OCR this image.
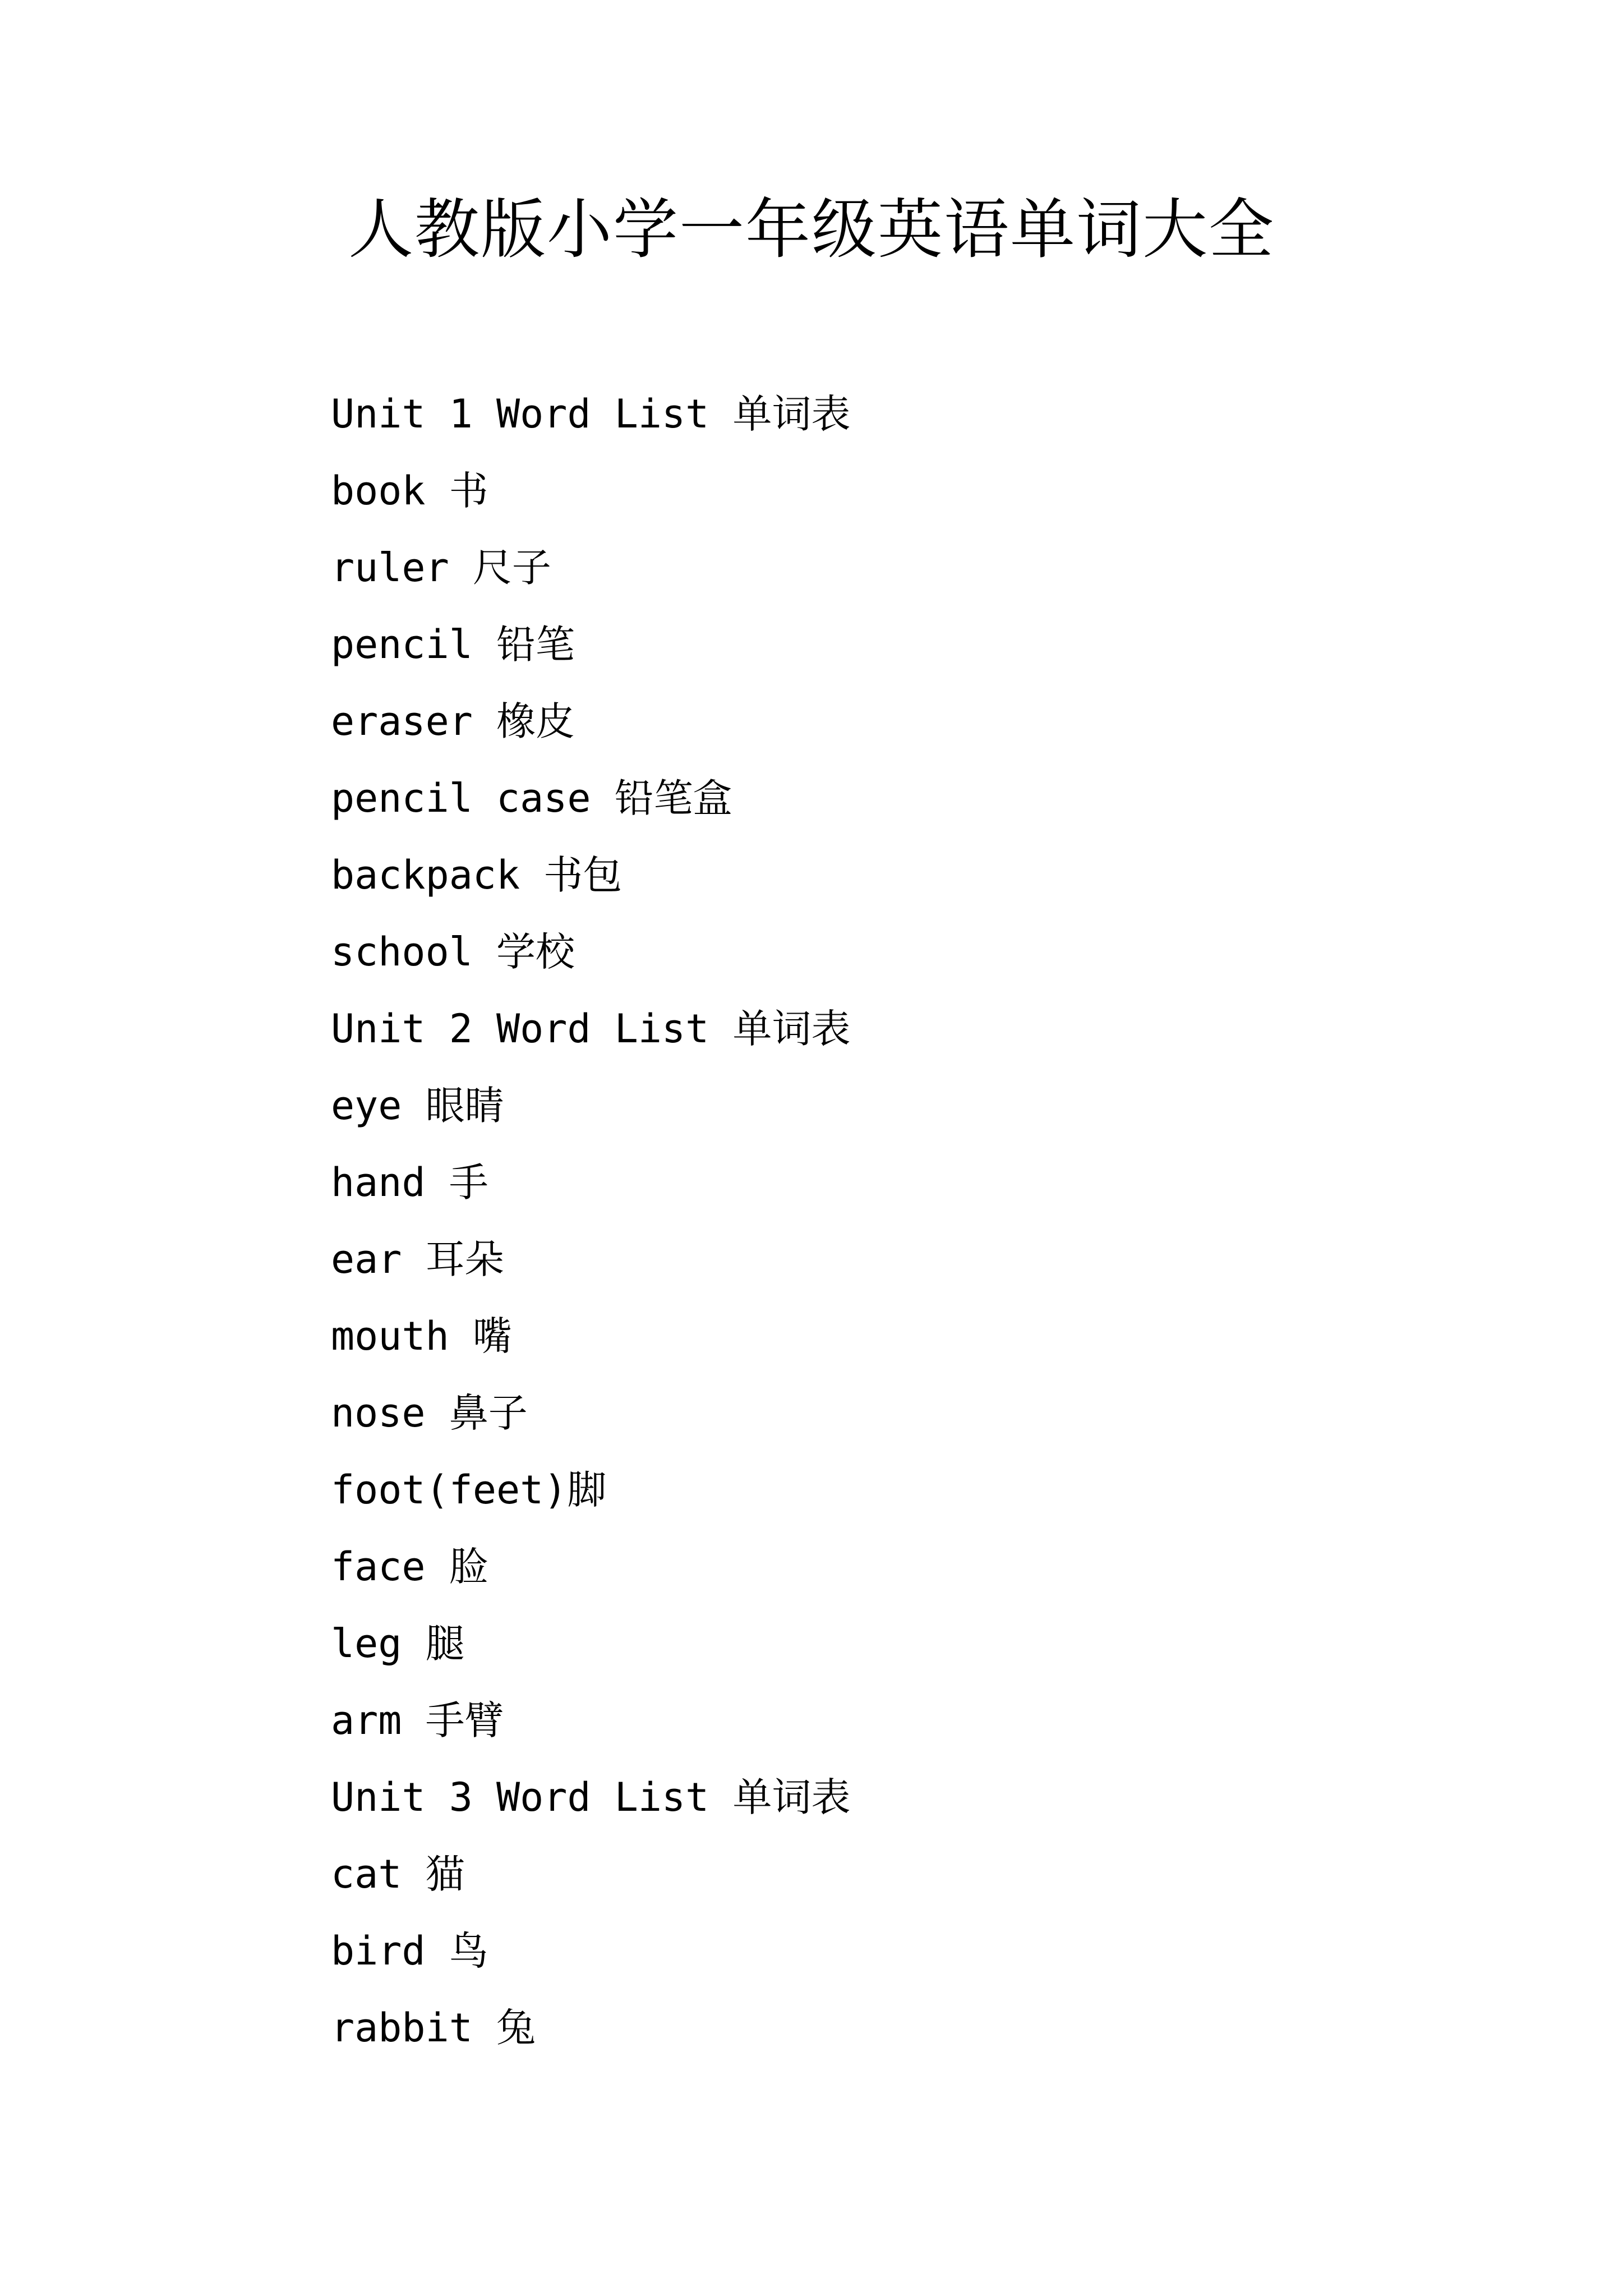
人教版小学一年级英语单词大全
Unit 1 Word List 单词表
book 书
ruler 尺子
pencil 铅笔
eraser 橡皮
pencil case 铅笔盒
backpack 书包
school 学校
Unit 2 Word List 单词表
eye 眼睛
hand 手
ear 耳朵
mouth 嘴
nose 鼻子
foot(feet)脚
face 脸
leg 腿
arm 手臂
Unit 3 Word List 单词表
cat 猫
bird 鸟
rabbit 兔
